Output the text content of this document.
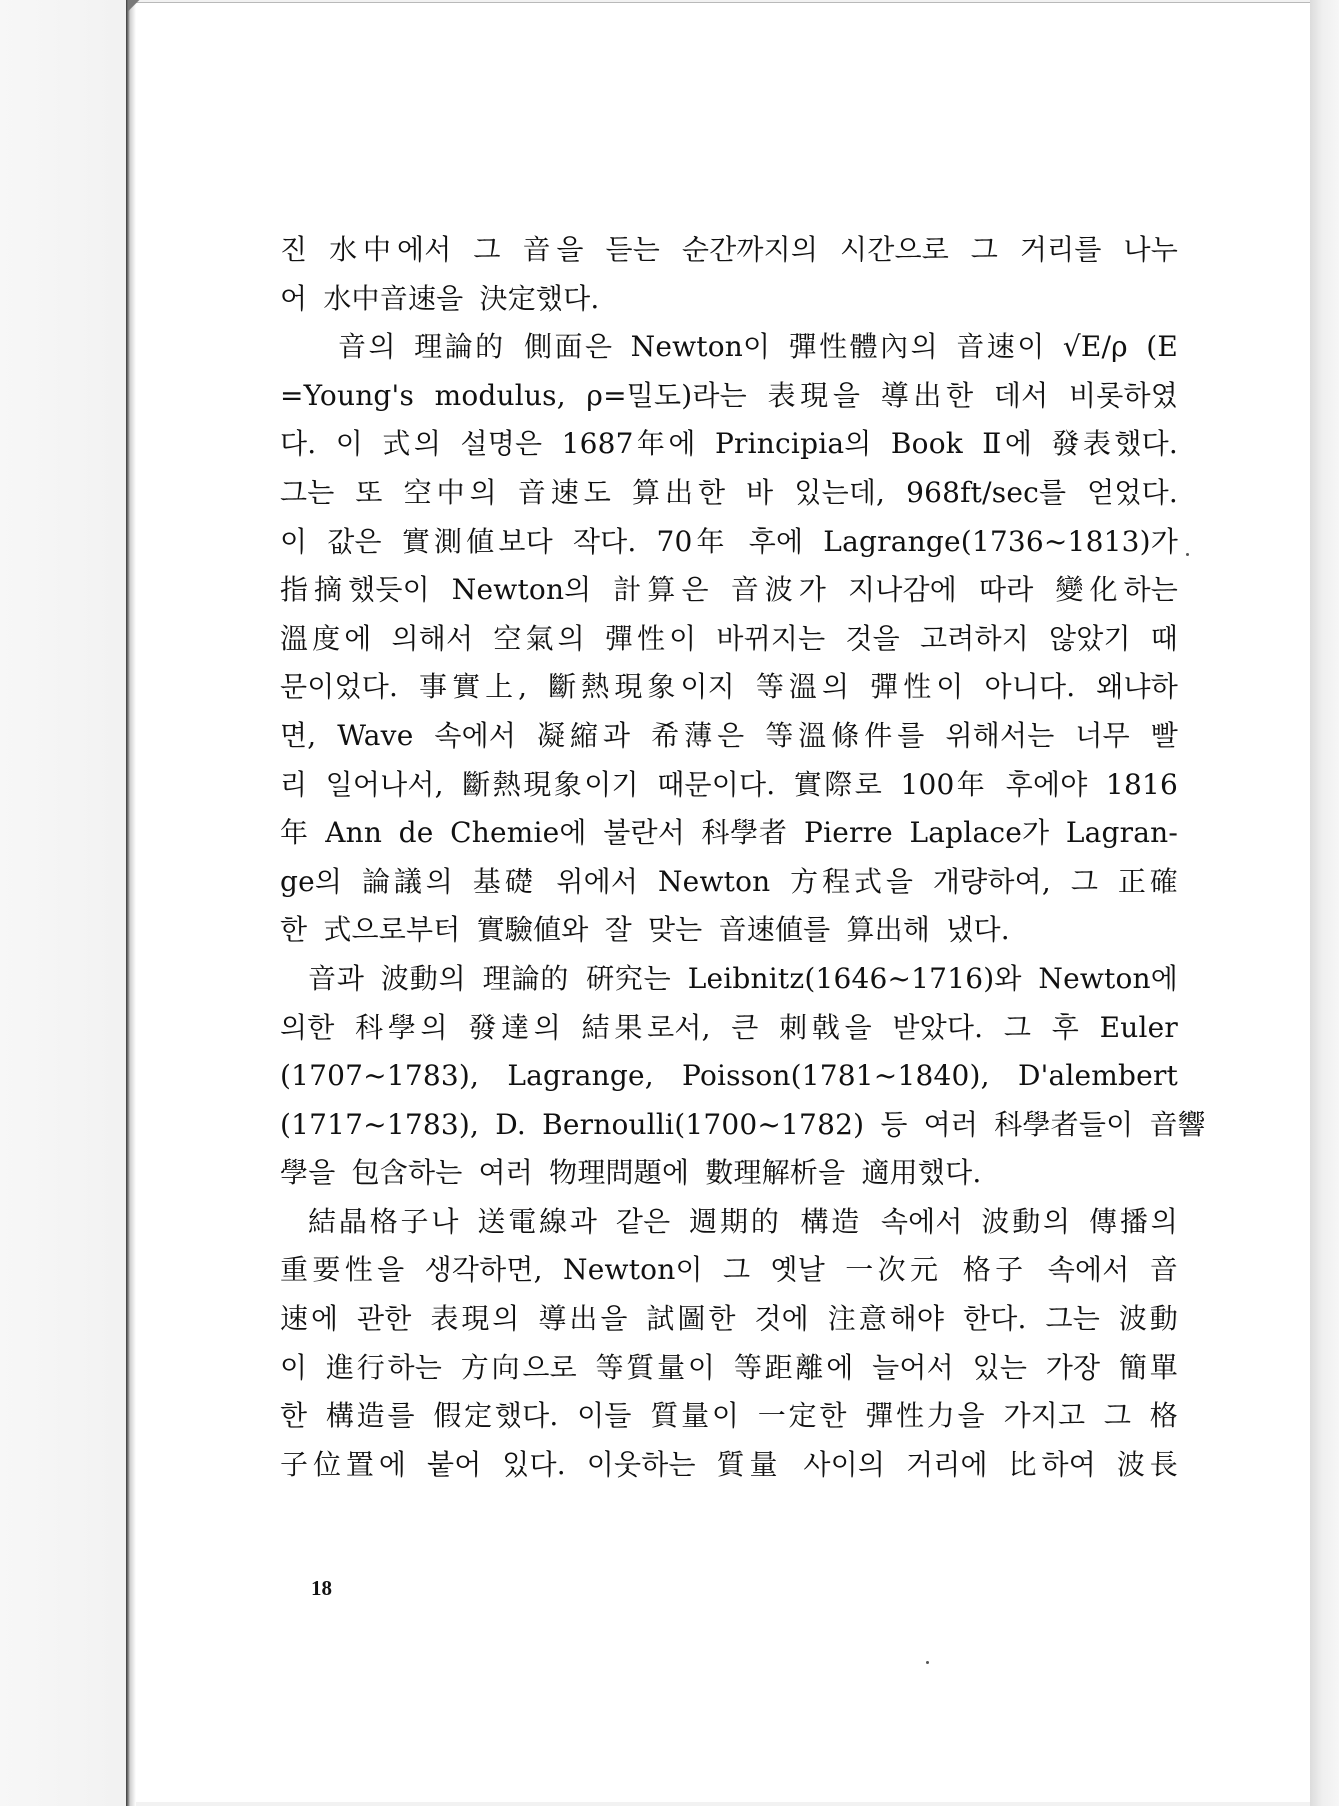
진 水中에서 그 音을 듣는 순간까지의 시간으로 그 거리를 나누
어 水中音速을 決定했다.
音의 理論的 側面은 Newton이 彈性體內의 音速이 √E/ρ (E
=Young's modulus, ρ=밀도)라는 表現을 導出한 데서 비롯하였
다. 이 式의 설명은 1687年에 Principia의 Book Ⅱ에 發表했다.
그는 또 空中의 音速도 算出한 바 있는데, 968ft/sec를 얻었다.
이 값은 實測値보다 작다. 70年 후에 Lagrange(1736~1813)가
指摘했듯이 Newton의 計算은 音波가 지나감에 따라 變化하는
溫度에 의해서 空氣의 彈性이 바뀌지는 것을 고려하지 않았기 때
문이었다. 事實上, 斷熱現象이지 等溫의 彈性이 아니다. 왜냐하
면, Wave 속에서 凝縮과 希薄은 等溫條件를 위해서는 너무 빨
리 일어나서, 斷熱現象이기 때문이다. 實際로 100年 후에야 1816
年 Ann de Chemie에 불란서 科學者 Pierre Laplace가 Lagran-
ge의 論議의 基礎 위에서 Newton 方程式을 개량하여, 그 正確
한 式으로부터 實驗値와 잘 맞는 音速値를 算出해 냈다.
音과 波動의 理論的 硏究는 Leibnitz(1646~1716)와 Newton에
의한 科學의 發達의 結果로서, 큰 刺戟을 받았다. 그 후 Euler
(1707~1783), Lagrange, Poisson(1781~1840), D'alembert
(1717~1783), D. Bernoulli(1700~1782) 등 여러 科學者들이 音響
學을 包含하는 여러 物理問題에 數理解析을 適用했다.
結晶格子나 送電線과 같은 週期的 構造 속에서 波動의 傳播의
重要性을 생각하면, Newton이 그 옛날 一次元 格子 속에서 音
速에 관한 表現의 導出을 試圖한 것에 注意해야 한다. 그는 波動
이 進行하는 方向으로 等質量이 等距離에 늘어서 있는 가장 簡單
한 構造를 假定했다. 이들 質量이 一定한 彈性力을 가지고 그 格
子位置에 붙어 있다. 이웃하는 質量 사이의 거리에 比하여 波長
18
